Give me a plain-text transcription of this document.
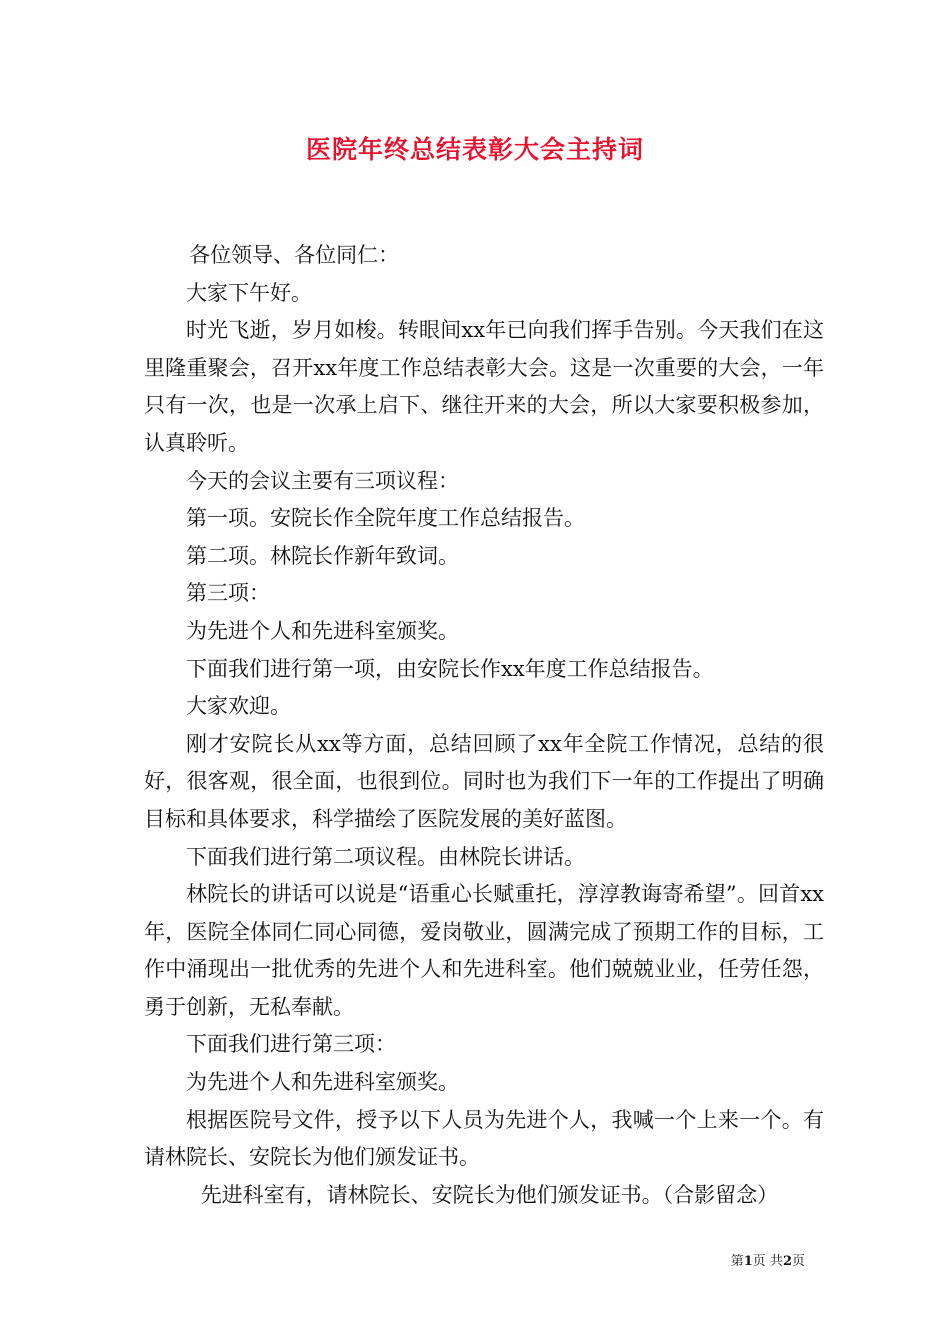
医院年终总结表彰大会主持词

各位领导、各位同仁：

大家下午好。

时光飞逝，岁月如梭。转眼间xx年已向我们挥手告别。今天我们在这里隆重聚会，召开xx年度工作总结表彰大会。这是一次重要的大会，一年只有一次，也是一次承上启下、继往开来的大会，所以大家要积极参加，认真聆听。

今天的会议主要有三项议程：

第一项。安院长作全院年度工作总结报告。

第二项。林院长作新年致词。

第三项：

为先进个人和先进科室颁奖。

下面我们进行第一项，由安院长作xx年度工作总结报告。

大家欢迎。

刚才安院长从xx等方面，总结回顾了xx年全院工作情况，总结的很好，很客观，很全面，也很到位。同时也为我们下一年的工作提出了明确目标和具体要求，科学描绘了医院发展的美好蓝图。

下面我们进行第二项议程。由林院长讲话。

林院长的讲话可以说是“语重心长赋重托，淳淳教诲寄希望”。回首xx年，医院全体同仁同心同德，爱岗敬业，圆满完成了预期工作的目标，工作中涌现出一批优秀的先进个人和先进科室。他们兢兢业业，任劳任怨，勇于创新，无私奉献。

下面我们进行第三项：

为先进个人和先进科室颁奖。

根据医院号文件，授予以下人员为先进个人，我喊一个上来一个。有请林院长、安院长为他们颁发证书。

先进科室有，请林院长、安院长为他们颁发证书。（合影留念）

第1页 共2页
